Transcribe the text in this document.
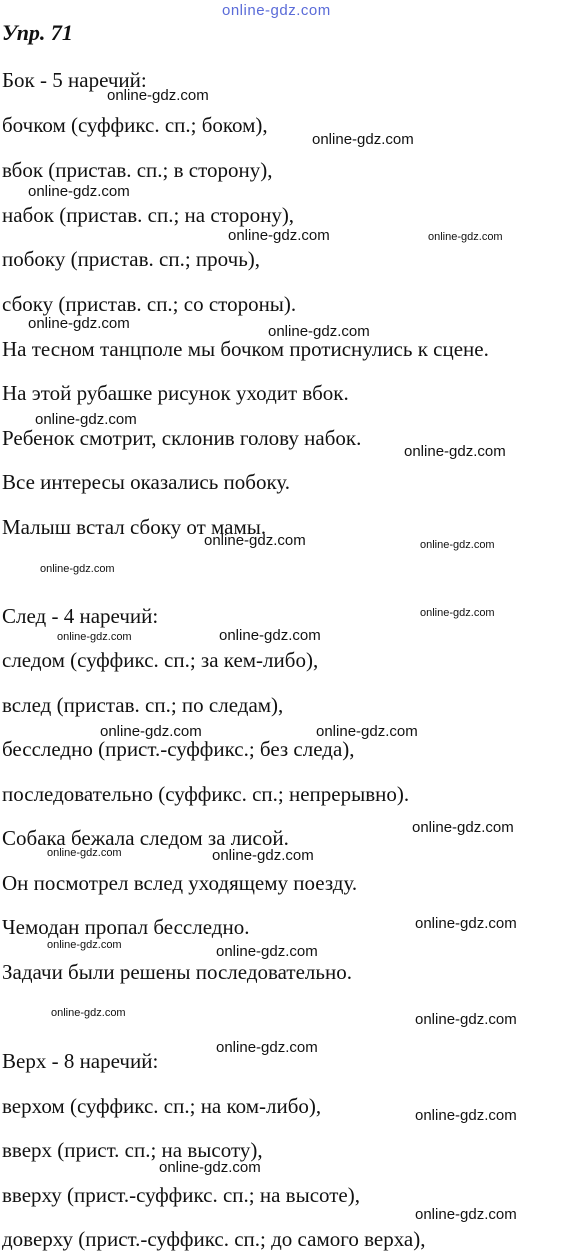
online-gdz.com
Упр. 71
Бок - 5 наречий:
бочком (суффикс. сп.; боком),
вбок (пристав. сп.; в сторону),
набок (пристав. сп.; на сторону),
побоку (пристав. сп.; прочь),
сбоку (пристав. сп.; со стороны).
На тесном танцполе мы бочком протиснулись к сцене.
На этой рубашке рисунок уходит вбок.
Ребенок смотрит, склонив голову набок.
Все интересы оказались побоку.
Малыш встал сбоку от мамы.
След - 4 наречий:
следом (суффикс. сп.; за кем-либо),
вслед (пристав. сп.; по следам),
бесследно (прист.-суффикс.; без следа),
последовательно (суффикс. сп.; непрерывно).
Собака бежала следом за лисой.
Он посмотрел вслед уходящему поезду.
Чемодан пропал бесследно.
Задачи были решены последовательно.
Верх - 8 наречий:
верхом (суффикс. сп.; на ком-либо),
вверх (прист. сп.; на высоту),
вверху (прист.-суффикс. сп.; на высоте),
доверху (прист.-суффикс. сп.; до самого верха),
online-gdz.com
online-gdz.com
online-gdz.com
online-gdz.com	online-gdz.com
online-gdz.com	online-gdz.com
online-gdz.com
online-gdz.com
online-gdz.com	online-gdz.com
online-gdz.com
online-gdz.com
online-gdz.com	online-gdz.com
online-gdz.com	online-gdz.com
online-gdz.com
online-gdz.com	online-gdz.com
online-gdz.com
online-gdz.com	online-gdz.com
online-gdz.com	online-gdz.com
online-gdz.com
online-gdz.com
online-gdz.com
online-gdz.com
